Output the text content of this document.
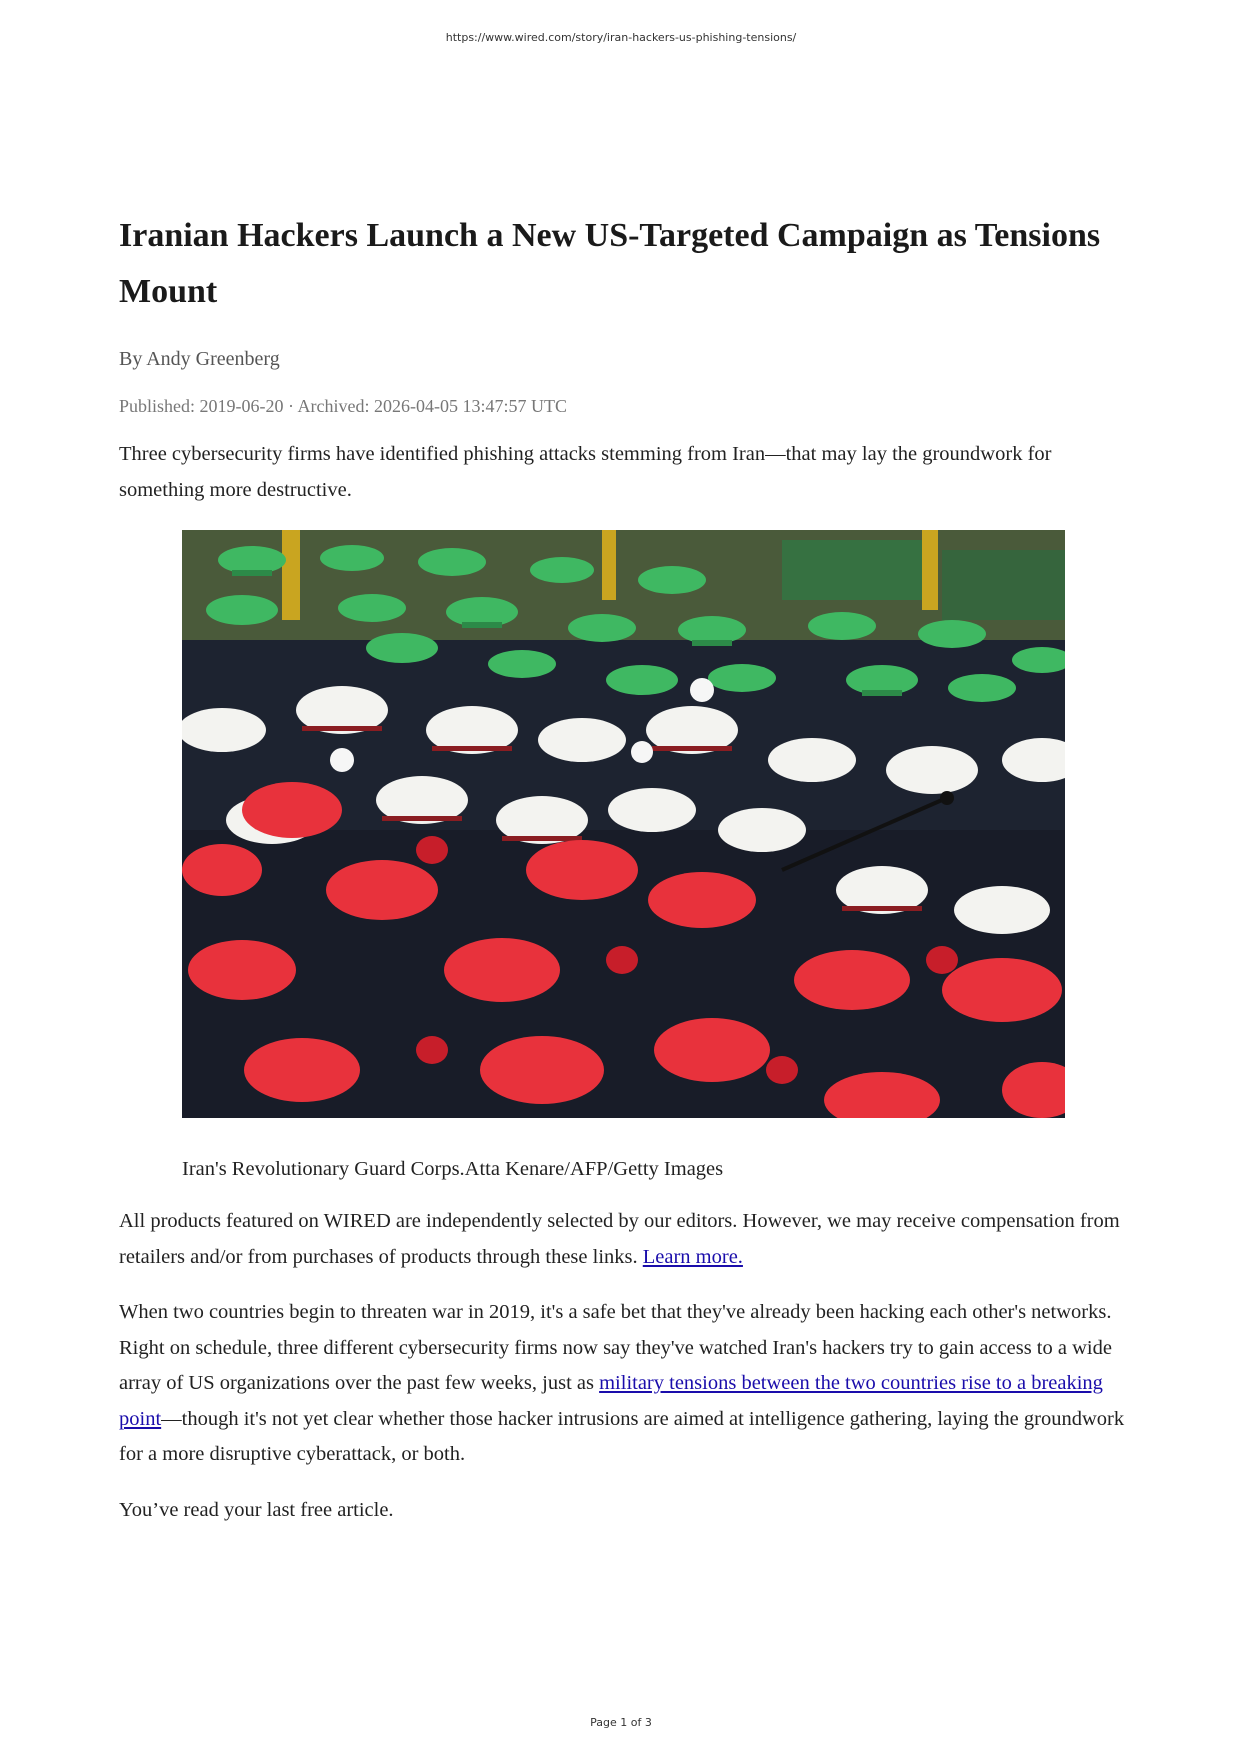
https://www.wired.com/story/iran-hackers-us-phishing-tensions/
Iranian Hackers Launch a New US-Targeted Campaign as Tensions Mount

By Andy Greenberg

Published: 2019-06-20 · Archived: 2026-04-05 13:47:57 UTC

Three cybersecurity firms have identified phishing attacks stemming from Iran—that may lay the groundwork for something more destructive.

Iran's Revolutionary Guard Corps.Atta Kenare/AFP/Getty Images

All products featured on WIRED are independently selected by our editors. However, we may receive compensation from retailers and/or from purchases of products through these links. Learn more.

When two countries begin to threaten war in 2019, it's a safe bet that they've already been hacking each other's networks. Right on schedule, three different cybersecurity firms now say they've watched Iran's hackers try to gain access to a wide array of US organizations over the past few weeks, just as military tensions between the two countries rise to a breaking point—though it's not yet clear whether those hacker intrusions are aimed at intelligence gathering, laying the groundwork for a more disruptive cyberattack, or both.

You’ve read your last free article.

Page 1 of 3
